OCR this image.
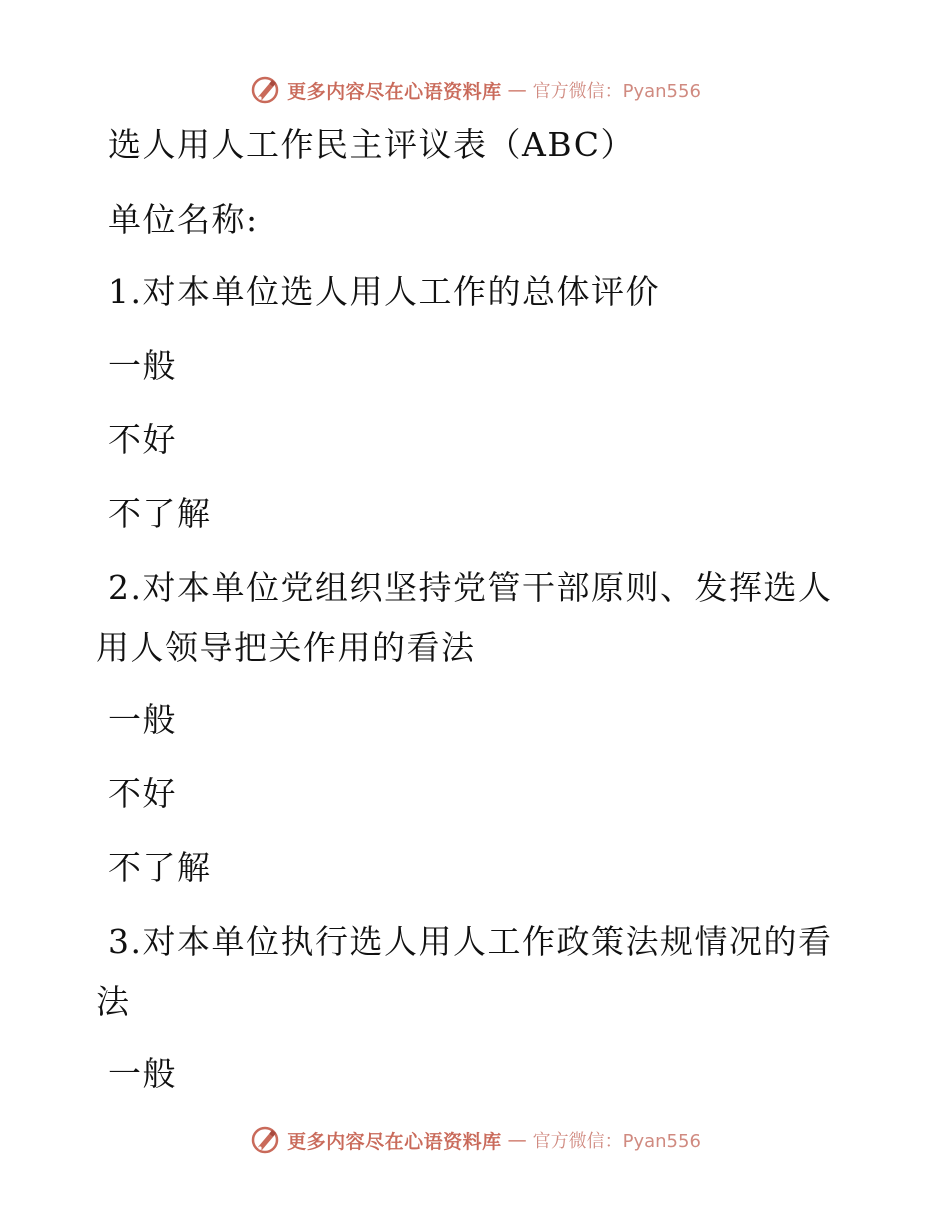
更多内容尽在心语资料库 — 官方微信：Pyan556
选人用人工作民主评议表（ABC）
单位名称:
1.对本单位选人用人工作的总体评价
一般
不好
不了解
2.对本单位党组织坚持党管干部原则、发挥选人
用人领导把关作用的看法
一般
不好
不了解
3.对本单位执行选人用人工作政策法规情况的看
法
一般
更多内容尽在心语资料库 — 官方微信：Pyan556
